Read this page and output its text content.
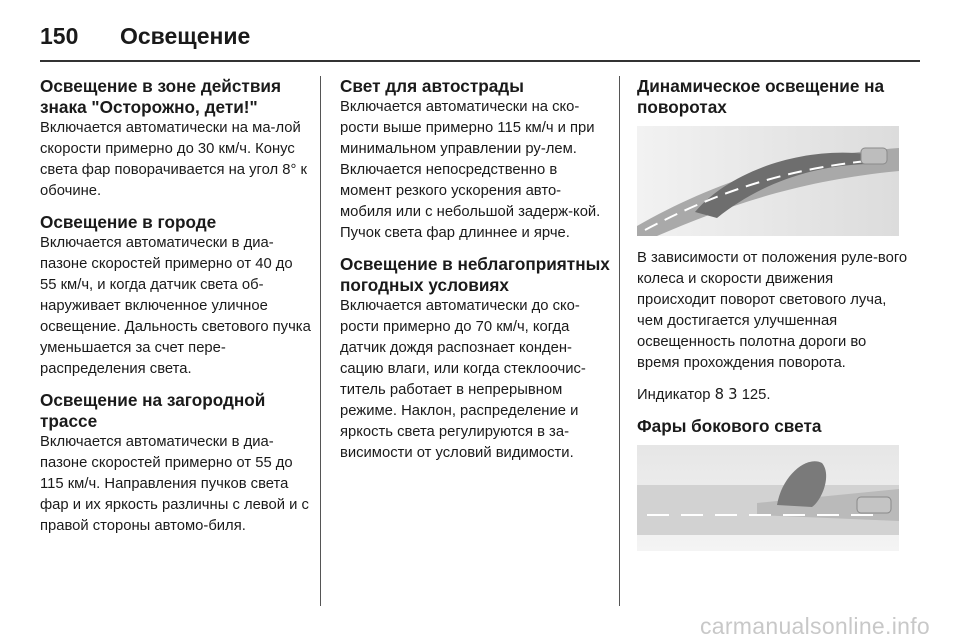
150	Освещение
Освещение в зоне действия знака "Осторожно, дети!"

Включается автоматически на ма-лой скорости примерно до 30 км/ч. Конус света фар поворачивается на угол 8° к обочине.

Освещение в городе

Включается автоматически в диа-пазоне скоростей примерно от 40 до 55 км/ч, и когда датчик света об-наруживает включенное уличное освещение. Дальность светового пучка уменьшается за счет пере-распределения света.

Освещение на загородной трассе

Включается автоматически в диа-пазоне скоростей примерно от 55 до 115 км/ч. Направления пучков света фар и их яркость различны с левой и с правой стороны автомо-биля.

Свет для автострады

Включается автоматически на ско-рости выше примерно 115 км/ч и при минимальном управлении ру-лем. Включается непосредственно в момент резкого ускорения авто-мобиля или с небольшой задерж-кой. Пучок света фар длиннее и ярче.

Освещение в неблагоприятных погодных условиях

Включается автоматически до ско-рости примерно до 70 км/ч, когда датчик дождя распознает конден-сацию влаги, или когда стеклоочис-титель работает в непрерывном режиме. Наклон, распределение и яркость света регулируются в за-висимости от условий видимости.

Динамическое освещение на поворотах

В зависимости от положения руле-вого колеса и скорости движения происходит поворот светового луча, чем достигается улучшенная освещенность полотна дороги во время прохождения поворота.

Индикатор 8 3 125.

Фары бокового света
carmanualsonline.info
